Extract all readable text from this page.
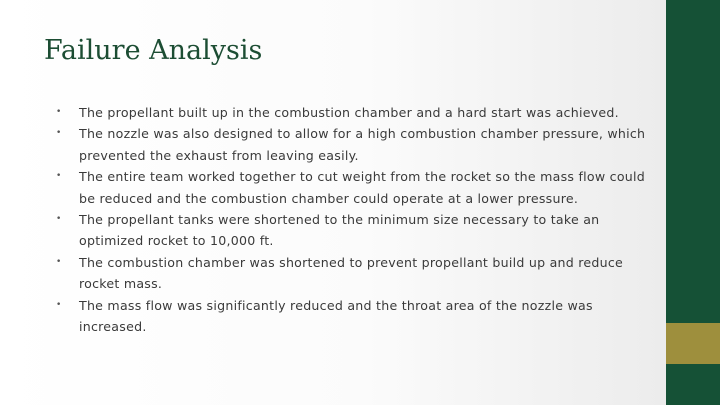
Failure Analysis
•	The propellant built up in the combustion chamber and a hard start was achieved.
•	The nozzle was also designed to allow for a high combustion chamber pressure, which prevented the exhaust from leaving easily.
•	The entire team worked together to cut weight from the rocket so the mass flow could be reduced and the combustion chamber could operate at a lower pressure.
•	The propellant tanks were shortened to the minimum size necessary to take an optimized rocket to 10,000 ft.
•	The combustion chamber was shortened to prevent propellant build up and reduce rocket mass.
•	The mass flow was significantly reduced and the throat area of the nozzle was increased.
